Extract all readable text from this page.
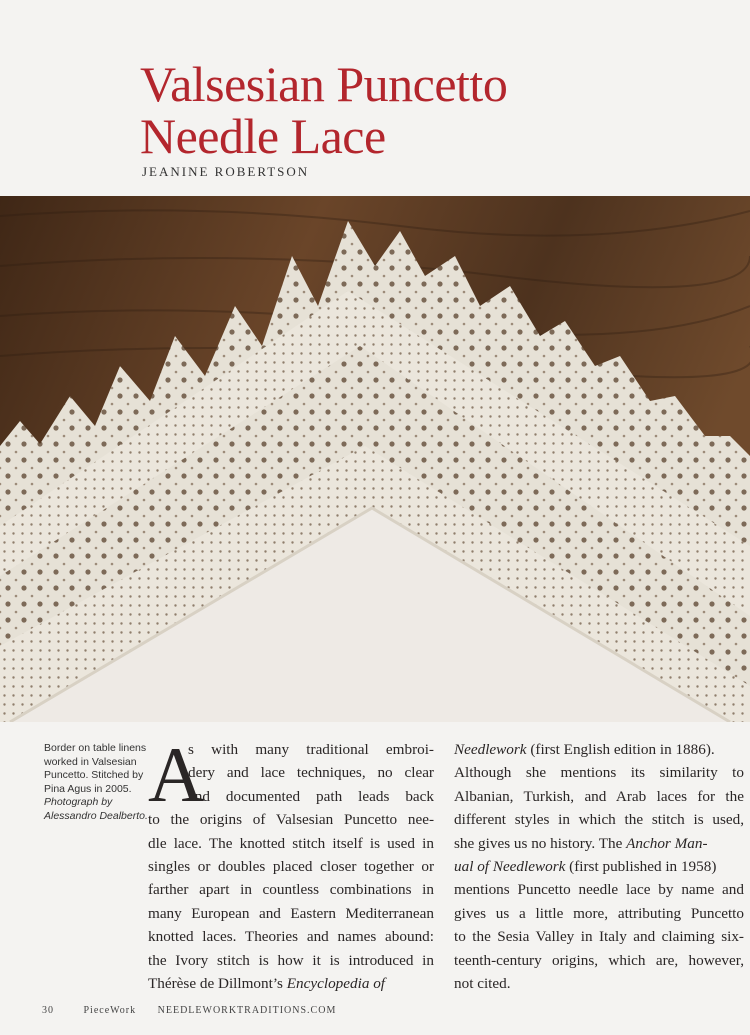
Valsesian Puncetto
Needle Lace
JEANINE ROBERTSON
Border on table linens worked in Valsesian Puncetto. Stitched by Pina Agus in 2005. Photograph by Alessandro Dealberto. A
s with many traditional embroi-
dery and lace techniques, no clear
and documented path leads back
to the origins of Valsesian Puncetto nee-
dle lace. The knotted stitch itself is used in
singles or doubles placed closer together or
farther apart in countless combinations in
many European and Eastern Mediterranean
knotted laces. Theories and names abound:
the Ivory stitch is how it is introduced in
Thérèse de Dillmont’s Encyclopedia of
Needlework (first English edition in 1886).
Although she mentions its similarity to
Albanian, Turkish, and Arab laces for the
different styles in which the stitch is used,
she gives us no history. The Anchor Man-
ual of Needlework (first published in 1958)
mentions Puncetto needle lace by name and
gives us a little more, attributing Puncetto
to the Sesia Valley in Italy and claiming six-
teenth-century origins, which are, however,
not cited.
30	PieceWork NEEDLEWORKTRADITIONS.COM
